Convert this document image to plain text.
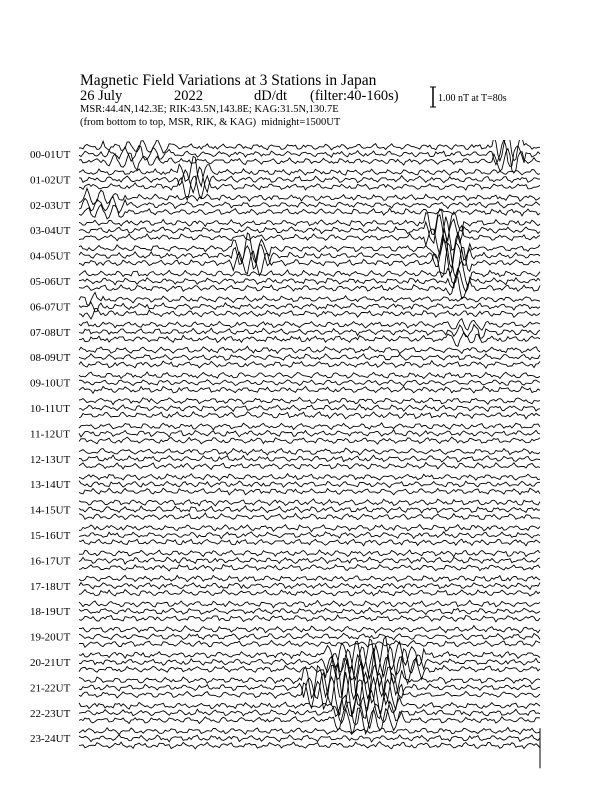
Magnetic Field Variations at 3 Stations in Japan
26 July	2022	dD/dt (filter:40-160s)
MSR:44.4N,142.3E; RIK:43.5N,143.8E; KAG:31.5N,130.7E
(from bottom to top, MSR, RIK, & KAG) midnight=1500UT
1.00 nT at T=80s
00-01UT
01-02UT
02-03UT
03-04UT
04-05UT
05-06UT
06-07UT
07-08UT
08-09UT
09-10UT
10-11UT
11-12UT
12-13UT
13-14UT
14-15UT
15-16UT
16-17UT
17-18UT
18-19UT
19-20UT
20-21UT
21-22UT
22-23UT
23-24UT
